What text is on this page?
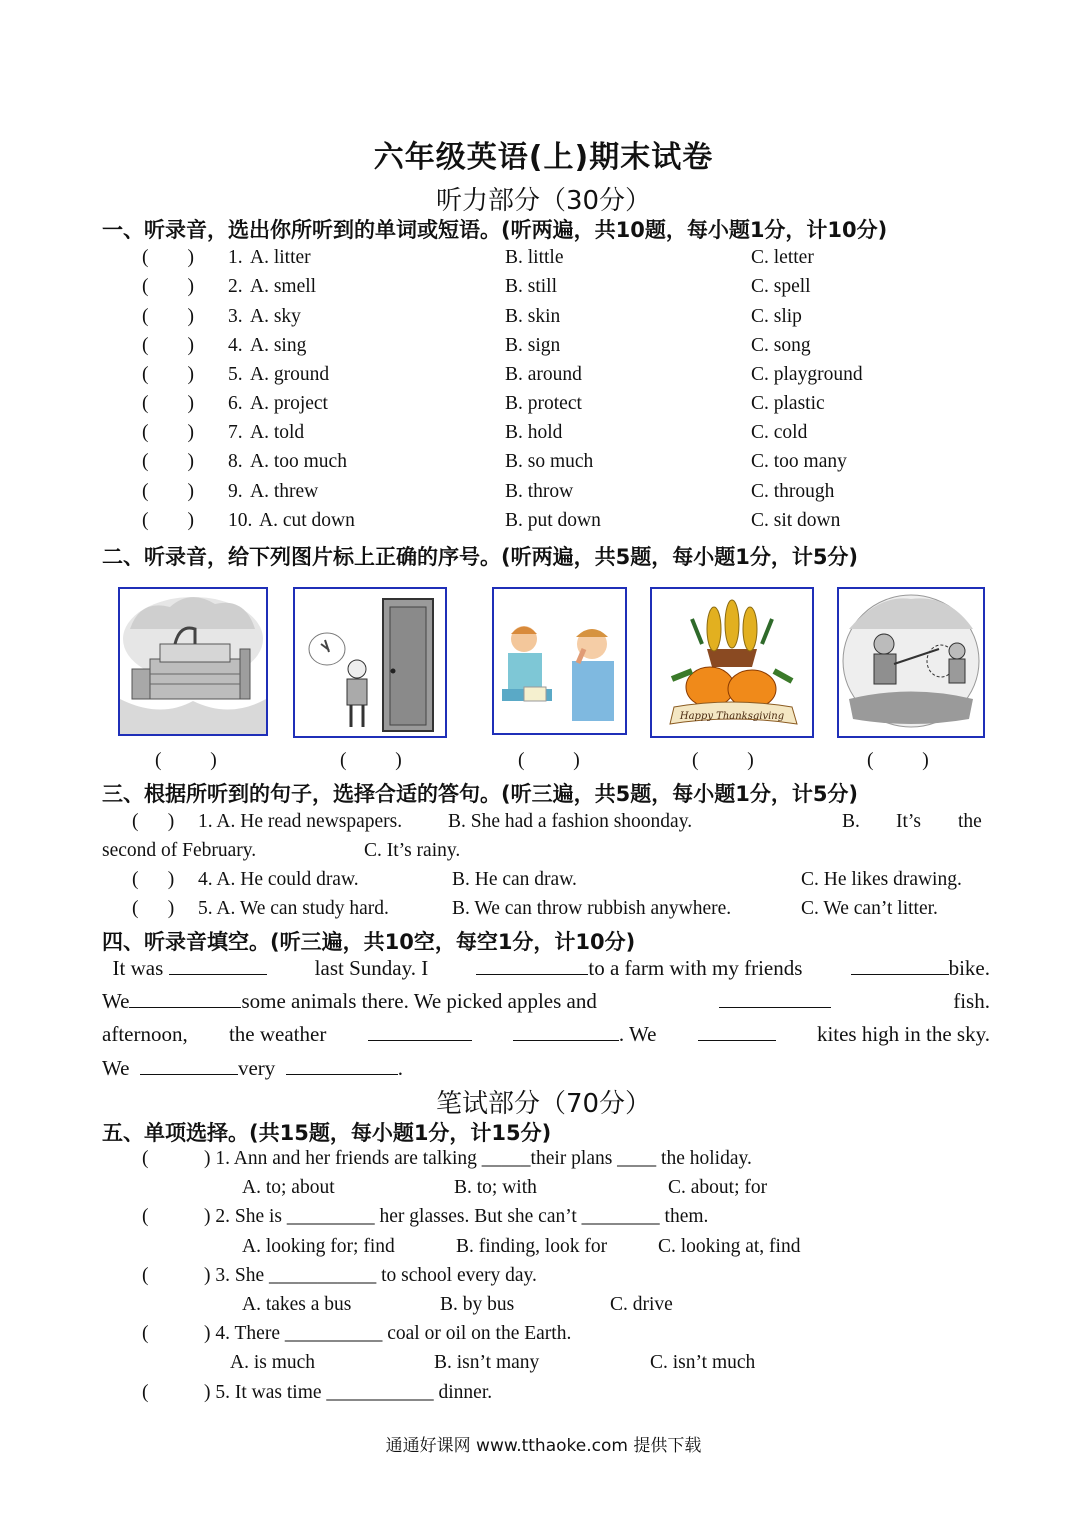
六年级英语(上)期末试卷
听力部分（30分）
一、听录音，选出你所听到的单词或短语。(听两遍，共10题，每小题1分，计10分)
(        ) 1. A. litter	B. little	C. letter
(        ) 2. A. smell	B. still	C. spell
(        ) 3. A. sky	B. skin	C. slip
(        ) 4. A. sing	B. sign	C. song
(        ) 5. A. ground	B. around	C. playground
(        ) 6. A. project	B. protect	C. plastic
(        ) 7. A. told	B. hold	C. cold
(        ) 8. A. too much	B. so much	C. too many
(        ) 9. A. threw	B. throw	C. through
(        ) 10. A. cut down	B. put down	C. sit down
二、听录音，给下列图片标上正确的序号。(听两遍，共5题，每小题1分，计5分)
Happy Thanksgiving
(          )	(          )	(          )	(          )	(          )
三、根据所听到的句子，选择合适的答句。(听三遍，共5题，每小题1分，计5分)
(      ) 1. A. He read newspapers. B. She had a fashion shoonday.	B. It’s the
second of February.	C. It’s rainy.
(      ) 4. A. He could draw.	B. He can draw.	C. He likes drawing.
(      ) 5. A. We can study hard.	B. We can throw rubbish anywhere.	C. We can’t litter.
四、听录音填空。(听三遍，共10空，每空1分，计10分)
It was	last Sunday. I	to a farm with my friends	bike.
We	some animals there. We picked apples and	fish.
afternoon, the weather	. We	kites high in the sky.
We	very	.
笔试部分（70分）
五、单项选择。(共15题，每小题1分，计15分)
(	) 1. Ann and her friends are talking _____their plans ____ the holiday.
A. to; about	B. to; with	C. about; for
(	) 2. She is _________ her glasses. But she can’t ________ them.
A. looking for; find	B. finding, look for	C. looking at, find
(	) 3. She ___________ to school every day.
A. takes a bus	B. by bus	C. drive
(	) 4. There __________ coal or oil on the Earth.
A. is much	B. isn’t many	C. isn’t much
(	) 5. It was time ___________ dinner.
通通好课网 www.tthaoke.com 提供下载
